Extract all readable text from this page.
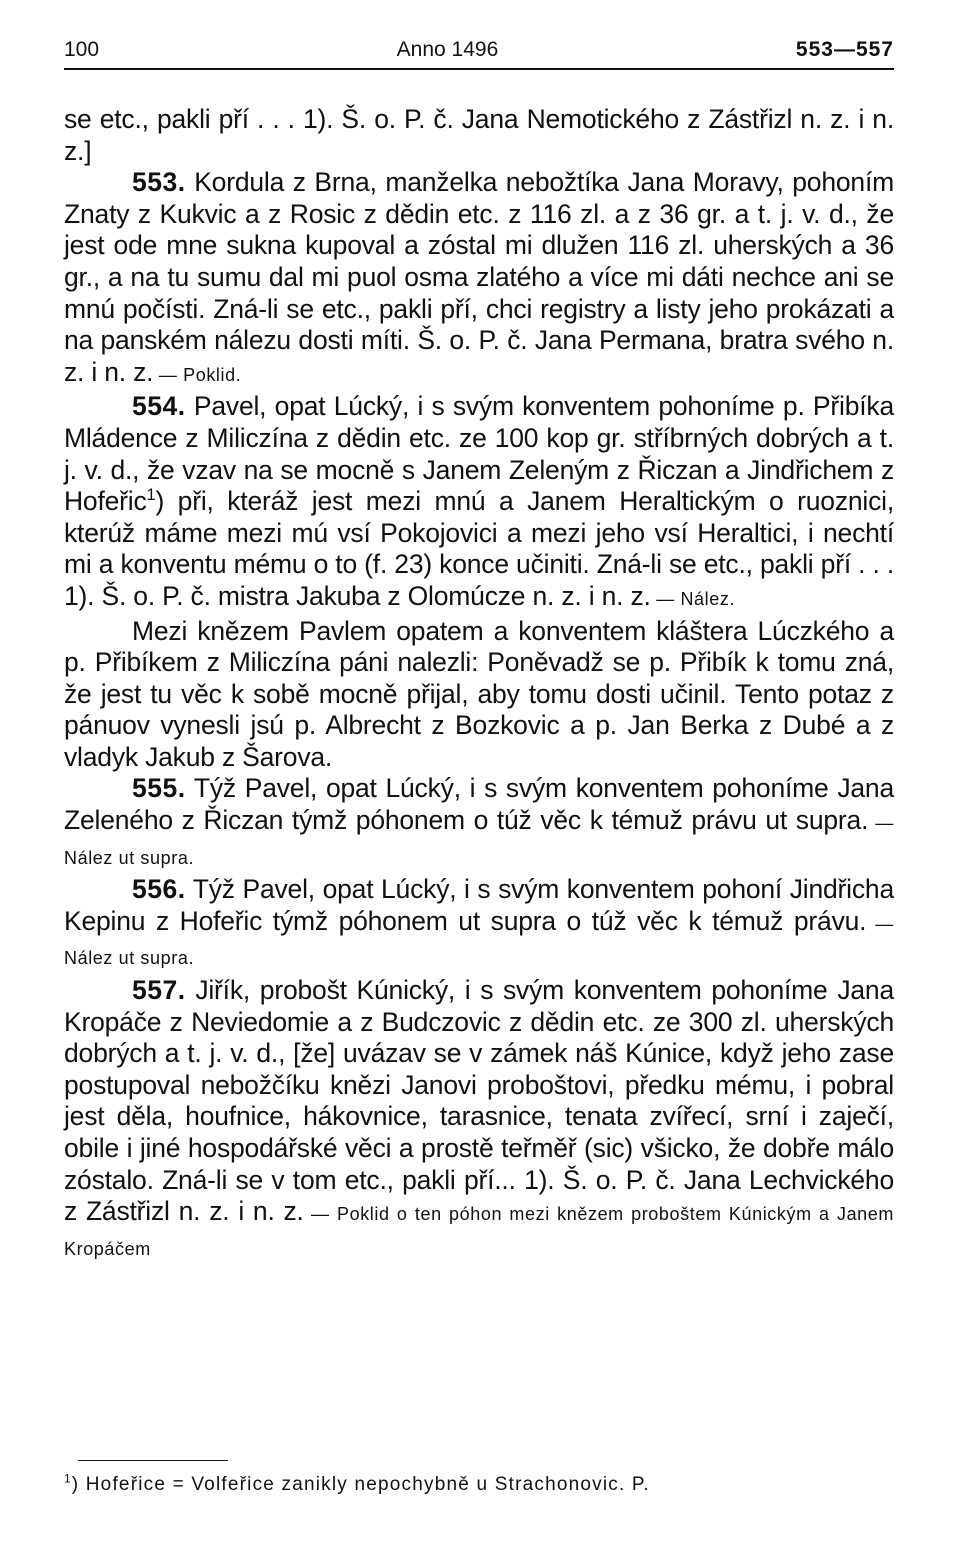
100	Anno 1496	553—557

se etc., pakli pří . . . 1). Š. o. P. č. Jana Nemotického z Zástřizl n. z. i n. z.]

553. Kordula z Brna, manželka nebožtíka Jana Moravy, pohoním Znaty z Kukvic a z Rosic z dědin etc. z 116 zl. a z 36 gr. a t. j. v. d., že jest ode mne sukna kupoval a zóstal mi dlužen 116 zl. uherských a 36 gr., a na tu sumu dal mi puol osma zlatého a více mi dáti nechce ani se mnú počísti. Zná-li se etc., pakli pří, chci registry a listy jeho prokázati a na panském nálezu dosti míti. Š. o. P. č. Jana Permana, bratra svého n. z. i n. z. — Poklid.

554. Pavel, opat Lúcký, i s svým konventem pohoníme p. Přibíka Mládence z Miliczína z dědin etc. ze 100 kop gr. stříbrných dobrých a t. j. v. d., že vzav na se mocně s Janem Zeleným z Řiczan a Jindřichem z Hofeřic$^1$) při, kteráž jest mezi mnú a Janem Heraltickým o ruoznici, kterúž máme mezi mú vsí Pokojovici a mezi jeho vsí Heraltici, i nechtí mi a konventu mému o to (f. 23) konce učiniti. Zná-li se etc., pakli pří . . . 1). Š. o. P. č. mistra Jakuba z Olomúcze n. z. i n. z. — Nález.

Mezi knězem Pavlem opatem a konventem kláštera Lúczkého a p. Přibíkem z Miliczína páni nalezli: Poněvadž se p. Přibík k tomu zná, že jest tu věc k sobě mocně přijal, aby tomu dosti učinil. Tento potaz z pánuov vynesli jsú p. Albrecht z Bozkovic a p. Jan Berka z Dubé a z vladyk Jakub z Šarova.

555. Týž Pavel, opat Lúcký, i s svým konventem pohoníme Jana Zeleného z Řiczan týmž póhonem o túž věc k témuž právu ut supra. — Nález ut supra.

556. Týž Pavel, opat Lúcký, i s svým konventem pohoní Jindřicha Kepinu z Hofeřic týmž póhonem ut supra o túž věc k témuž právu. — Nález ut supra.

557. Jiřík, probošt Kúnický, i s svým konventem pohoníme Jana Kropáče z Neviedomie a z Budczovic z dědin etc. ze 300 zl. uherských dobrých a t. j. v. d., [že] uvázav se v zámek náš Kúnice, když jeho zase postupoval nebožčíku knězi Janovi proboštovi, předku mému, i pobral jest děla, houfnice, hákovnice, tarasnice, tenata zvířecí, srní i zaječí, obile i jiné hospodářské věci a prostě teřměř (sic) všicko, že dobře málo zóstalo. Zná-li se v tom etc., pakli pří... 1). Š. o. P. č. Jana Lechvického z Zástřizl n. z. i n. z. — Poklid o ten póhon mezi knězem proboštem Kúnickým a Janem Kropáčem

$^1$) Hofeřice = Volfeřice zanikly nepochybně u Strachonovic. P.
